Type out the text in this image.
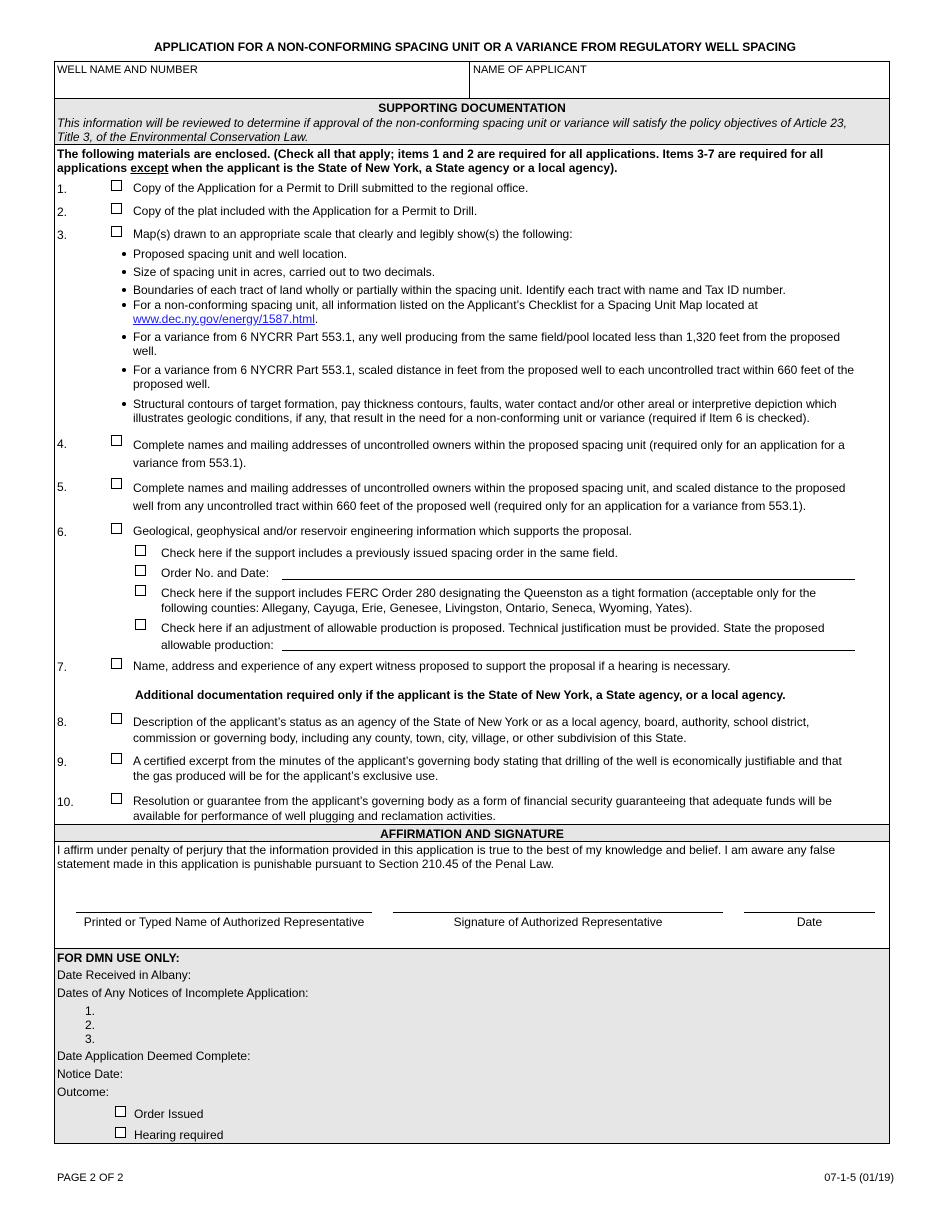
APPLICATION FOR A NON-CONFORMING SPACING UNIT OR A VARIANCE FROM REGULATORY WELL SPACING
WELL NAME AND NUMBER	NAME OF APPLICANT
SUPPORTING DOCUMENTATION
This information will be reviewed to determine if approval of the non-conforming spacing unit or variance will satisfy the policy objectives of Article 23,
Title 3, of the Environmental Conservation Law.
The following materials are enclosed. (Check all that apply; items 1 and 2 are required for all applications. Items 3-7 are required for all
applications except when the applicant is the State of New York, a State agency or a local agency).
1.	Copy of the Application for a Permit to Drill submitted to the regional office.
2.	Copy of the plat included with the Application for a Permit to Drill.
3.	Map(s) drawn to an appropriate scale that clearly and legibly show(s) the following:
Proposed spacing unit and well location.
Size of spacing unit in acres, carried out to two decimals.
Boundaries of each tract of land wholly or partially within the spacing unit. Identify each tract with name and Tax ID number.
For a non-conforming spacing unit, all information listed on the Applicant’s Checklist for a Spacing Unit Map located at
www.dec.ny.gov/energy/1587.html.
For a variance from 6 NYCRR Part 553.1, any well producing from the same field/pool located less than 1,320 feet from the proposed
well.
For a variance from 6 NYCRR Part 553.1, scaled distance in feet from the proposed well to each uncontrolled tract within 660 feet of the
proposed well.
Structural contours of target formation, pay thickness contours, faults, water contact and/or other areal or interpretive depiction which
illustrates geologic conditions, if any, that result in the need for a non-conforming unit or variance (required if Item 6 is checked).
4.	Complete names and mailing addresses of uncontrolled owners within the proposed spacing unit (required only for an application for a
variance from 553.1).
5.	Complete names and mailing addresses of uncontrolled owners within the proposed spacing unit, and scaled distance to the proposed
well from any uncontrolled tract within 660 feet of the proposed well (required only for an application for a variance from 553.1).
6.	Geological, geophysical and/or reservoir engineering information which supports the proposal.
Check here if the support includes a previously issued spacing order in the same field.
Order No. and Date:
Check here if the support includes FERC Order 280 designating the Queenston as a tight formation (acceptable only for the
following counties: Allegany, Cayuga, Erie, Genesee, Livingston, Ontario, Seneca, Wyoming, Yates).
Check here if an adjustment of allowable production is proposed. Technical justification must be provided. State the proposed
allowable production:
7.	Name, address and experience of any expert witness proposed to support the proposal if a hearing is necessary.
Additional documentation required only if the applicant is the State of New York, a State agency, or a local agency.
8.	Description of the applicant’s status as an agency of the State of New York or as a local agency, board, authority, school district,
commission or governing body, including any county, town, city, village, or other subdivision of this State.
9.	A certified excerpt from the minutes of the applicant’s governing body stating that drilling of the well is economically justifiable and that
the gas produced will be for the applicant’s exclusive use.
10.	Resolution or guarantee from the applicant’s governing body as a form of financial security guaranteeing that adequate funds will be
available for performance of well plugging and reclamation activities.
AFFIRMATION AND SIGNATURE
I affirm under penalty of perjury that the information provided in this application is true to the best of my knowledge and belief. I am aware any false
statement made in this application is punishable pursuant to Section 210.45 of the Penal Law.
Printed or Typed Name of Authorized Representative	Signature of Authorized Representative	Date
FOR DMN USE ONLY:
Date Received in Albany:
Dates of Any Notices of Incomplete Application:
1.
2.
3.
Date Application Deemed Complete:
Notice Date:
Outcome:
Order Issued
Hearing required
PAGE 2 OF 2	07-1-5 (01/19)
